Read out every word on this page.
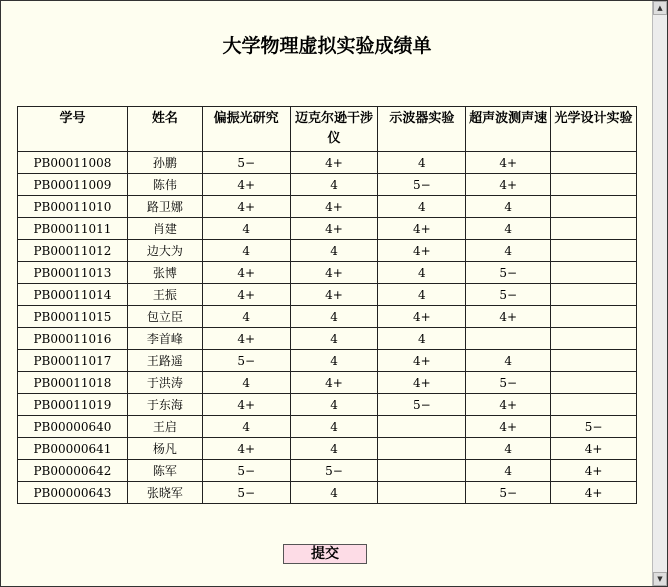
大学物理虚拟实验成绩单
学号	姓名	偏振光研究	迈克尔逊干涉仪	示波器实验	超声波测声速	光学设计实验
PB00011008	孙鹏	5−	4+	4	4+	
PB00011009	陈伟	4+	4	5−	4+	
PB00011010	路卫娜	4+	4+	4	4	
PB00011011	肖建	4	4+	4+	4	
PB00011012	边大为	4	4	4+	4	
PB00011013	张博	4+	4+	4	5−	
PB00011014	王振	4+	4+	4	5−	
PB00011015	包立臣	4	4	4+	4+	
PB00011016	李首峰	4+	4	4		
PB00011017	王路遥	5−	4	4+	4	
PB00011018	于洪涛	4	4+	4+	5−	
PB00011019	于东海	4+	4	5−	4+	
PB00000640	王启	4	4		4+	5−
PB00000641	杨凡	4+	4		4	4+
PB00000642	陈军	5−	5−		4	4+
PB00000643	张晓军	5−	4		5−	4+
提交
▲
▼
